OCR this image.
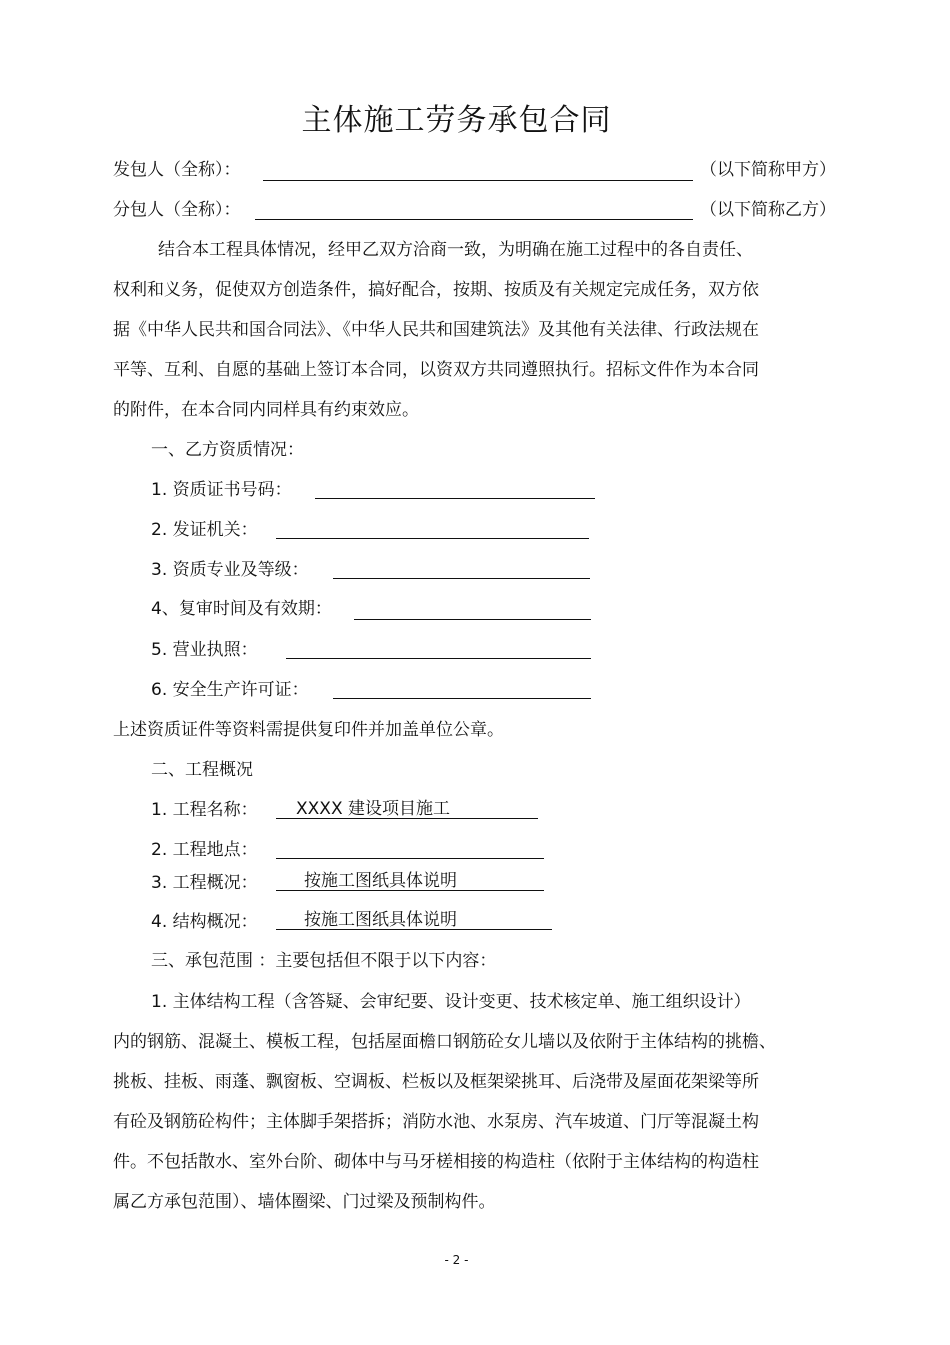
主体施工劳务承包合同
发包人（全称）：	（以下简称甲方）
分包人（全称）：	（以下简称乙方）
结合本工程具体情况，经甲乙双方洽商一致，为明确在施工过程中的各自责任、
权利和义务，促使双方创造条件，搞好配合，按期、按质及有关规定完成任务，双方依
据《中华人民共和国合同法》、《中华人民共和国建筑法》及其他有关法律、行政法规在
平等、互利、自愿的基础上签订本合同，以资双方共同遵照执行。招标文件作为本合同
的附件，在本合同内同样具有约束效应。
一、乙方资质情况：
1. 资质证书号码：
2. 发证机关：
3. 资质专业及等级：
4、复审时间及有效期：
5. 营业执照：
6. 安全生产许可证：
上述资质证件等资料需提供复印件并加盖单位公章。
二、工程概况
1. 工程名称：	XXXX 建设项目施工
2. 工程地点：
3. 工程概况：	按施工图纸具体说明
4. 结构概况：	按施工图纸具体说明
三、承包范围 ：主要包括但不限于以下内容：
1. 主体结构工程（含答疑、会审纪要、设计变更、技术核定单、施工组织设计）
内的钢筋、混凝土、模板工程，包括屋面檐口钢筋砼女儿墙以及依附于主体结构的挑檐、
挑板、挂板、雨蓬、飘窗板、空调板、栏板以及框架梁挑耳、后浇带及屋面花架梁等所
有砼及钢筋砼构件；主体脚手架搭拆；消防水池、水泵房、汽车坡道、门厅等混凝土构
件。不包括散水、室外台阶、砌体中与马牙槎相接的构造柱（依附于主体结构的构造柱
属乙方承包范围）、墙体圈梁、门过梁及预制构件。
- 2 -
